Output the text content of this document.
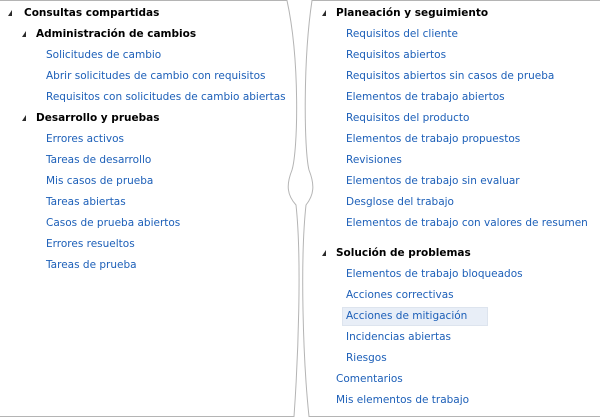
Consultas compartidas
Administración de cambios
Solicitudes de cambio
Abrir solicitudes de cambio con requisitos
Requisitos con solicitudes de cambio abiertas
Desarrollo y pruebas
Errores activos
Tareas de desarrollo
Mis casos de prueba
Tareas abiertas
Casos de prueba abiertos
Errores resueltos
Tareas de prueba
Planeación y seguimiento
Requisitos del cliente
Requisitos abiertos
Requisitos abiertos sin casos de prueba
Elementos de trabajo abiertos
Requisitos del producto
Elementos de trabajo propuestos
Revisiones
Elementos de trabajo sin evaluar
Desglose del trabajo
Elementos de trabajo con valores de resumen
Solución de problemas
Elementos de trabajo bloqueados
Acciones correctivas
Acciones de mitigación
Incidencias abiertas
Riesgos
Comentarios
Mis elementos de trabajo
